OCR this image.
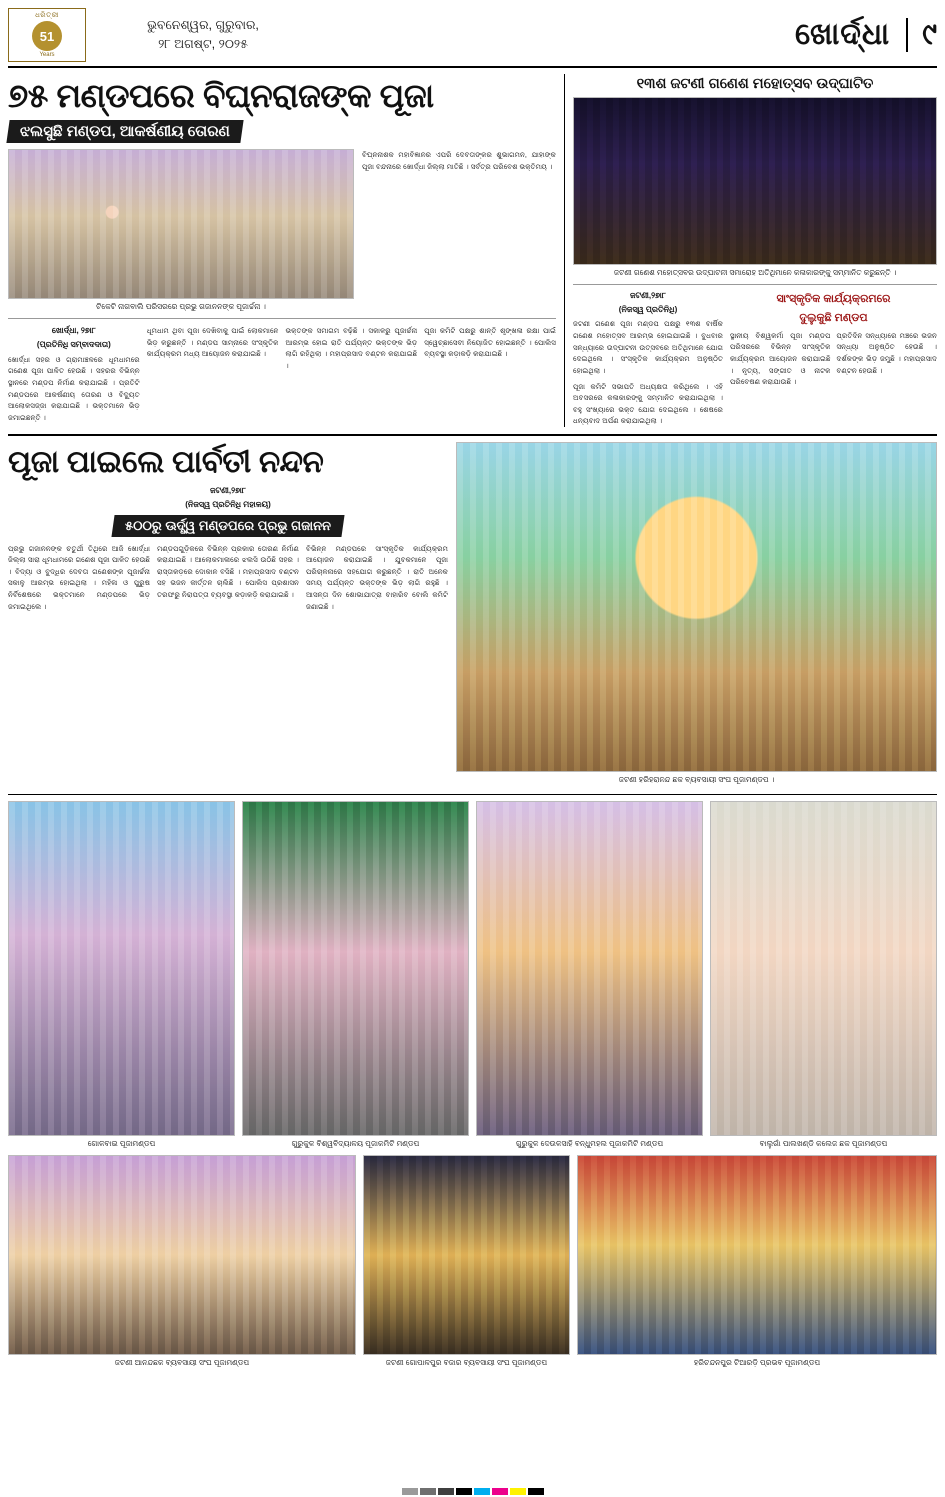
ଧରିତ୍ରୀ
51
Years
ଭୁବନେଶ୍ୱର, ଗୁରୁବାର,
୨୮ ଅଗଷ୍ଟ, ୨୦୨୫	ଖୋର୍ଦ୍ଧା	୯
୭୫ ମଣ୍ଡପରେ ବିଘ୍ନରାଜଙ୍କ ପୂଜା
ଝଲସୁଛି ମଣ୍ଡପ, ଆକର୍ଷଣୀୟ ତୋରଣ
ଟିକେଟି ନାଗବାଲି ପରିସରରେ ପ୍ରଭୁ ଗଜାନନଙ୍କ ପୂଜାର୍ଚ୍ଚନା ।
ବିଘ୍ନନାଶକ ମହାବିଜ୍ଞାନର ଏପରି ଦେବତାଙ୍କର ଶୁଭାଗମନ, ଯାହାଙ୍କ ପୂଜା ବନ୍ଦନାରେ ଖୋର୍ଦ୍ଧା ଜିଲ୍ଲା ମାତିଛି । ସର୍ବତ୍ର ପରିବେଶ ଭକ୍ତିମୟ ।
ଖୋର୍ଦ୍ଧା, ୨୭ା୮
(ପ୍ରତିନିଧି ସମ୍ବାଦଦାତା)
ଖୋର୍ଦ୍ଧା ସହର ଓ ଗ୍ରାମାଞ୍ଚଳରେ ଧୂମଧାମରେ ଗଣେଶ ପୂଜା ପାଳିତ ହେଉଛି । ସହରର ବିଭିନ୍ନ ସ୍ଥାନରେ ମଣ୍ଡପ ନିର୍ମାଣ କରାଯାଇଛି । ପ୍ରତିଟି ମଣ୍ଡପରେ ଆକର୍ଷଣୀୟ ତୋରଣ ଓ ବିଦ୍ୟୁତ ଆଲୋକସଜ୍ଜା କରାଯାଇଛି । ଭକ୍ତମାନେ ଭିଡ଼ ଜମାଇଛନ୍ତି ।
ଧୂମଧାମ ଥିବା ପୂଜା ଦେଖିବାକୁ ପାଇଁ ଲୋକମାନେ ଭିଡ଼ କରୁଛନ୍ତି । ମଣ୍ଡପ ସାମ୍ନାରେ ସଂସ୍କୃତିକ କାର୍ଯ୍ୟକ୍ରମ ମଧ୍ୟ ଆୟୋଜନ କରାଯାଇଛି ।
ଭକ୍ତଙ୍କ ସମାଗମ ବଢ଼ିଛି । ସକାଳରୁ ପୂଜାର୍ଚ୍ଚନା ଆରମ୍ଭ ହୋଇ ରାତି ପର୍ଯ୍ୟନ୍ତ ଭକ୍ତଙ୍କ ଭିଡ଼ ଲାଗି ରହିଥିଲା । ମହାପ୍ରସାଦ ବଣ୍ଟନ କରାଯାଇଛି ।
ପୂଜା କମିଟି ପକ୍ଷରୁ ଶାନ୍ତି ଶୃଙ୍ଖଳା ରକ୍ଷା ପାଇଁ ସ୍ୱେଚ୍ଛାସେବୀ ନିୟୋଜିତ ହୋଇଛନ୍ତି । ପୋଲିସ ବ୍ୟବସ୍ଥା କଡ଼ାକଡ଼ି କରାଯାଇଛି ।
୧୩ଶ ଜଟଣୀ ଗଣେଶ ମହୋତ୍ସବ ଉଦ୍‌ଘାଟିତ
ଜଟଣୀ ଗଣେଶ ମହୋତ୍ସବର ଉଦ୍‌ଘାଟନୀ ସମାରୋହ ଅତିଥିମାନେ କଳାକାରଙ୍କୁ ସମ୍ମାନିତ କରୁଛନ୍ତି ।
ଜଟଣୀ,୨୭ା୮
(ନିଜସ୍ୱ ପ୍ରତିନିଧି)
ଜଟଣୀ ଗଣେଶ ପୂଜା ମଣ୍ଡପ ପକ୍ଷରୁ ୧୩ଶ ବାର୍ଷିକ ଗଣେଶ ମହୋତ୍ସବ ଆରମ୍ଭ ହୋଇଯାଇଛି । ବୁଧବାର ସନ୍ଧ୍ୟାରେ ଉଦ୍‌ଘାଟନୀ ଉତ୍ସବରେ ଅତିଥିମାନେ ଯୋଗ ଦେଇଥିଲେ । ସଂସ୍କୃତିକ କାର୍ଯ୍ୟକ୍ରମ ଅନୁଷ୍ଠିତ ହୋଇଥିଲା ।
ପୂଜା କମିଟି ସଭାପତି ଅଧ୍ୟକ୍ଷତା କରିଥିଲେ । ଏହି ଅବସରରେ କଳାକାରଙ୍କୁ ସମ୍ମାନିତ କରାଯାଇଥିଲା । ବହୁ ସଂଖ୍ୟାରେ ଭକ୍ତ ଯୋଗ ଦେଇଥିଲେ । ଶେଷରେ ଧନ୍ୟବାଦ ଅର୍ପଣ କରାଯାଇଥିଲା ।
ସାଂସ୍କୃତିକ କାର୍ଯ୍ୟକ୍ରମରେ
ଦୁଲୁକୁଛି ମଣ୍ଡପ
ସ୍ଥାନୀୟ ବିଶ୍ୱକର୍ମା ପୂଜା ମଣ୍ଡପ ପରିସରରେ ବିଭିନ୍ନ ସାଂସ୍କୃତିକ କାର୍ଯ୍ୟକ୍ରମ ଆୟୋଜନ କରାଯାଇଛି । ନୃତ୍ୟ, ସଙ୍ଗୀତ ଓ ନାଟକ ପରିବେଷଣ କରାଯାଉଛି ।
ପ୍ରତିଦିନ ସନ୍ଧ୍ୟାରେ ମଞ୍ଚରେ ଭଜନ ସନ୍ଧ୍ୟା ଅନୁଷ୍ଠିତ ହେଉଛି । ଦର୍ଶକଙ୍କ ଭିଡ଼ ଜମୁଛି । ମହାପ୍ରସାଦ ବଣ୍ଟନ ହେଉଛି ।
ପୂଜା ପାଇଲେ ପାର୍ବତୀ ନନ୍ଦନ
ଜଟଣୀ,୨୭ା୮
(ନିଜସ୍ୱ ପ୍ରତିନିଧି ମହାଳୟ)
୫୦୦ରୁ ଊର୍ଦ୍ଧ୍ୱ ମଣ୍ଡପରେ ପ୍ରଭୁ ଗଜାନନ
ପ୍ରଭୁ ଗଜାନନଙ୍କ ଚତୁର୍ଥୀ ତିଥିରେ ଆଜି ଖୋର୍ଦ୍ଧା ଜିଲ୍ଲା ସାରା ଧୂମଧାମରେ ଗଣେଶ ପୂଜା ପାଳିତ ହେଉଛି । ବିଦ୍ୟା ଓ ବୁଦ୍ଧିର ଦେବତା ଗଣେଶଙ୍କ ପୂଜାର୍ଚ୍ଚନା ସକାଳୁ ଆରମ୍ଭ ହୋଇଥିଲା । ମହିଳା ଓ ପୁରୁଷ ନିର୍ବିଶେଷରେ ଭକ୍ତମାନେ ମଣ୍ଡପରେ ଭିଡ଼ ଜମାଇଥିଲେ ।
ମଣ୍ଡପଗୁଡ଼ିକରେ ବିଭିନ୍ନ ପ୍ରକାର ତୋରଣ ନିର୍ମାଣ କରାଯାଇଛି । ଆଲୋକମାଳାରେ ଝଲସି ଉଠିଛି ସହର । ରାସ୍ତାକଡ଼ରେ ଦୋକାନ ବସିଛି । ମହାପ୍ରସାଦ ବଣ୍ଟନ ସହ ଭଜନ କୀର୍ତ୍ତନ ଚାଲିଛି । ପୋଲିସ ପ୍ରଶାସନ ତରଫରୁ ନିରାପତ୍ତା ବ୍ୟବସ୍ଥା କଡ଼ାକଡ଼ି କରାଯାଇଛି ।
ବିଭିନ୍ନ ମଣ୍ଡପରେ ସାଂସ୍କୃତିକ କାର୍ଯ୍ୟକ୍ରମ ଆୟୋଜନ କରାଯାଇଛି । ଯୁବକମାନେ ପୂଜା ପରିଚାଳନାରେ ସହଯୋଗ କରୁଛନ୍ତି । ରାତି ଅନେକ ସମୟ ପର୍ଯ୍ୟନ୍ତ ଭକ୍ତଙ୍କ ଭିଡ଼ ଲାଗି ରହୁଛି । ଆସନ୍ତା ଦିନ ଶୋଭାଯାତ୍ରା ବାହାରିବ ବୋଲି କମିଟି ଜଣାଇଛି ।
ଜଟଣୀ ହରିହରାନନ୍ଦ ଛକ ବ୍ୟବସାୟୀ ସଂଘ ପୂଜାମଣ୍ଡପ ।
ଗୋଳବାଇ ପୂଜାମଣ୍ଡପ	ଗୁରୁକୁଳ ବିଶ୍ୱବିଦ୍ୟାଳୟ ପୂଜାକମିଟି ମଣ୍ଡପ	ଗୁରୁକୁଳ ଦେଉଳସାହି ବନ୍ଧୁମହଲ ପୂଜାକମିଟି ମଣ୍ଡପ	ବାଲୁଗାଁ ପାଲଖଣ୍ଡି କଲେଜ ଛକ ପୂଜାମଣ୍ଡପ
ଜଟଣୀ ଆନନ୍ଦଛକ ବ୍ୟବସାୟୀ ସଂଘ ପୂଜାମଣ୍ଡପ	ଜଟଣୀ ଗୋପାଳପୁର ବଜାର ବ୍ୟବସାୟୀ ସଂଘ ପୂଜାମଣ୍ଡପ	ହରିଚନ୍ଦନପୁର ଟିଆରଡ଼ି ପ୍ରଭବ ପୂଜାମଣ୍ଡପ
